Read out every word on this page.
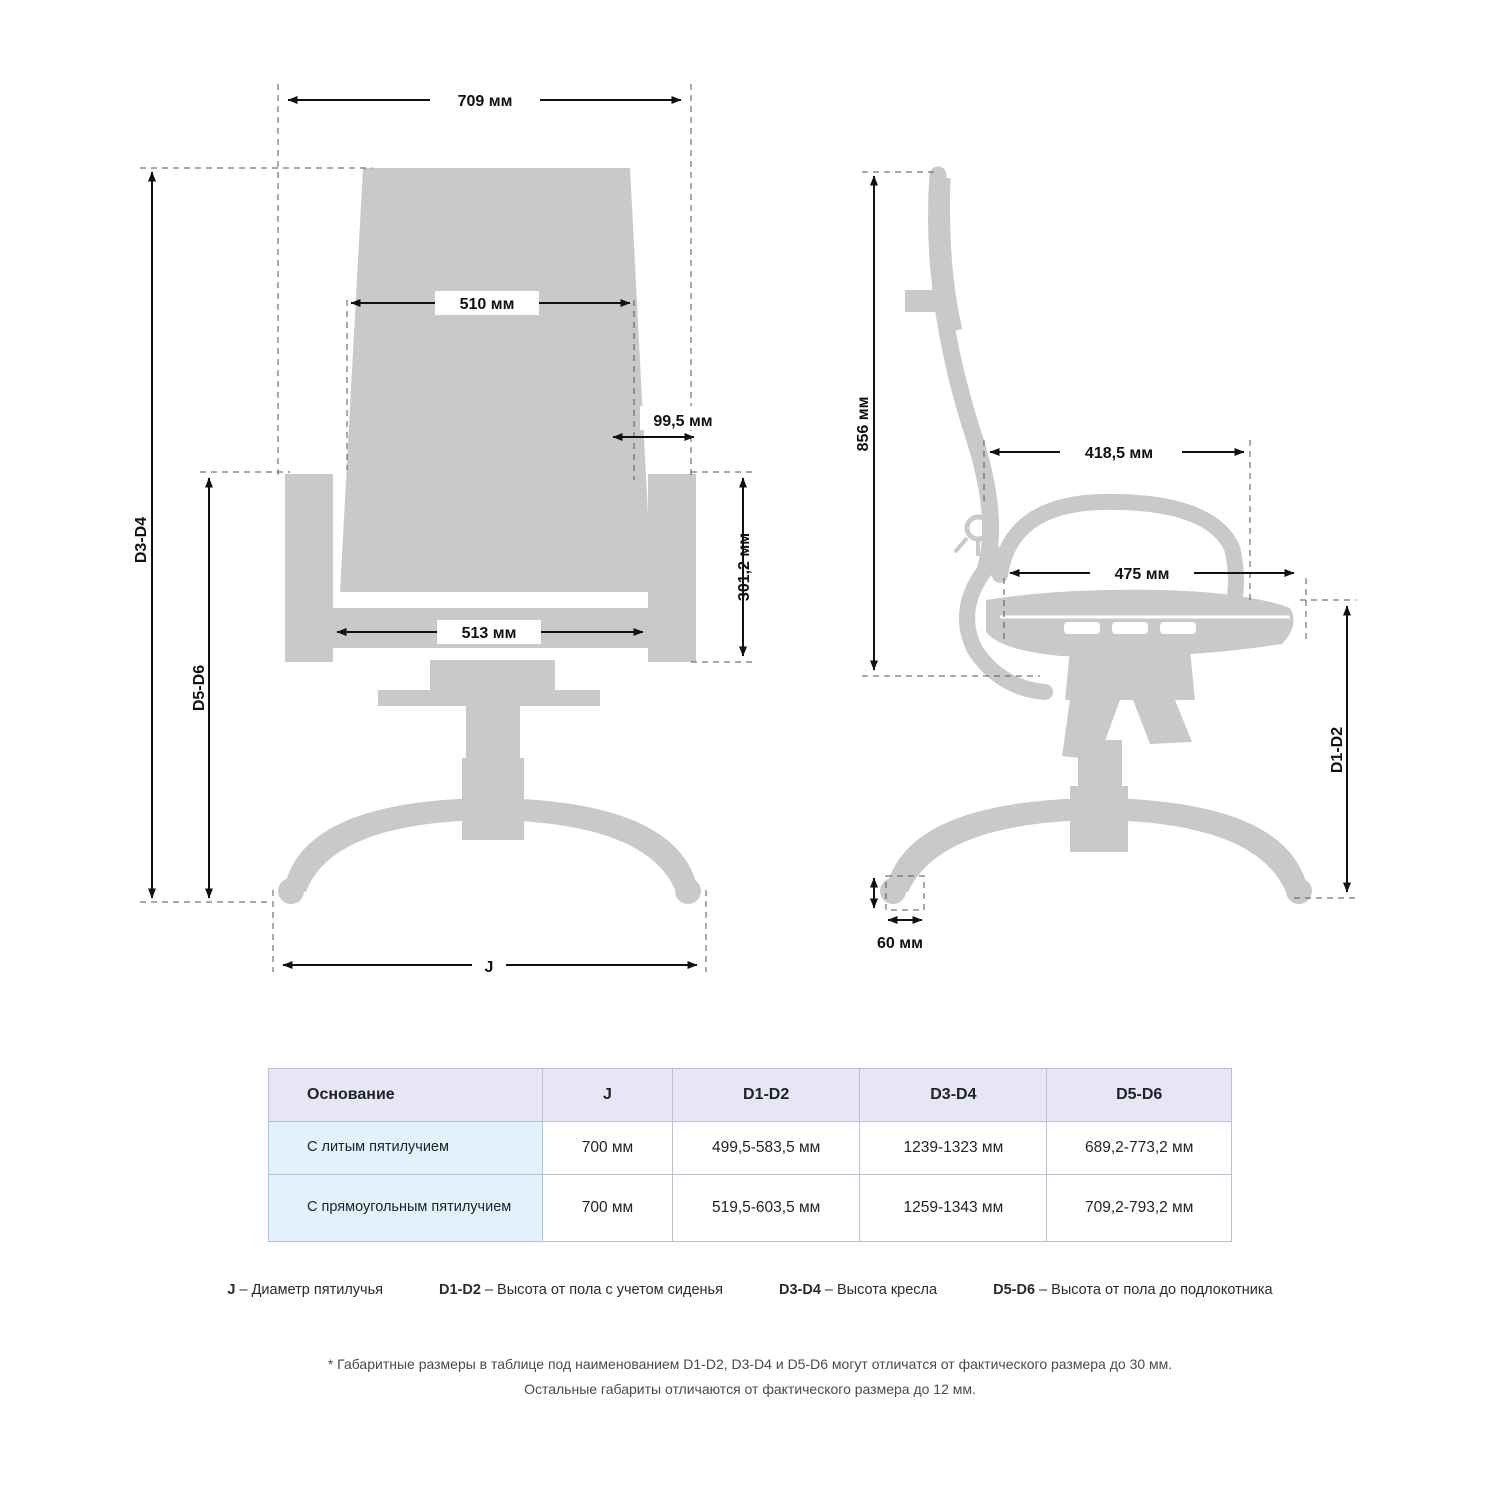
709 мм
510 мм
99,5 мм
513 мм
301,2 мм
D3-D4
D5-D6
J
856 мм
418,5 мм
475 мм
60 мм
D1-D2
Основание	J	D1-D2	D3-D4	D5-D6
С литым пятилучием	700 мм	499,5-583,5 мм	1239-1323 мм	689,2-773,2 мм
С прямоугольным пятилучием	700 мм	519,5-603,5 мм	1259-1343 мм	709,2-793,2 мм
J – Диаметр пятилучья	D1-D2 – Высота от пола с учетом сиденья	D3-D4 – Высота кресла	D5-D6 – Высота от пола до подлокотника
* Габаритные размеры в таблице под наименованием D1-D2, D3-D4 и D5-D6 могут отличатся от фактического размера до 30 мм.
Остальные габариты отличаются от фактического размера до 12 мм.
